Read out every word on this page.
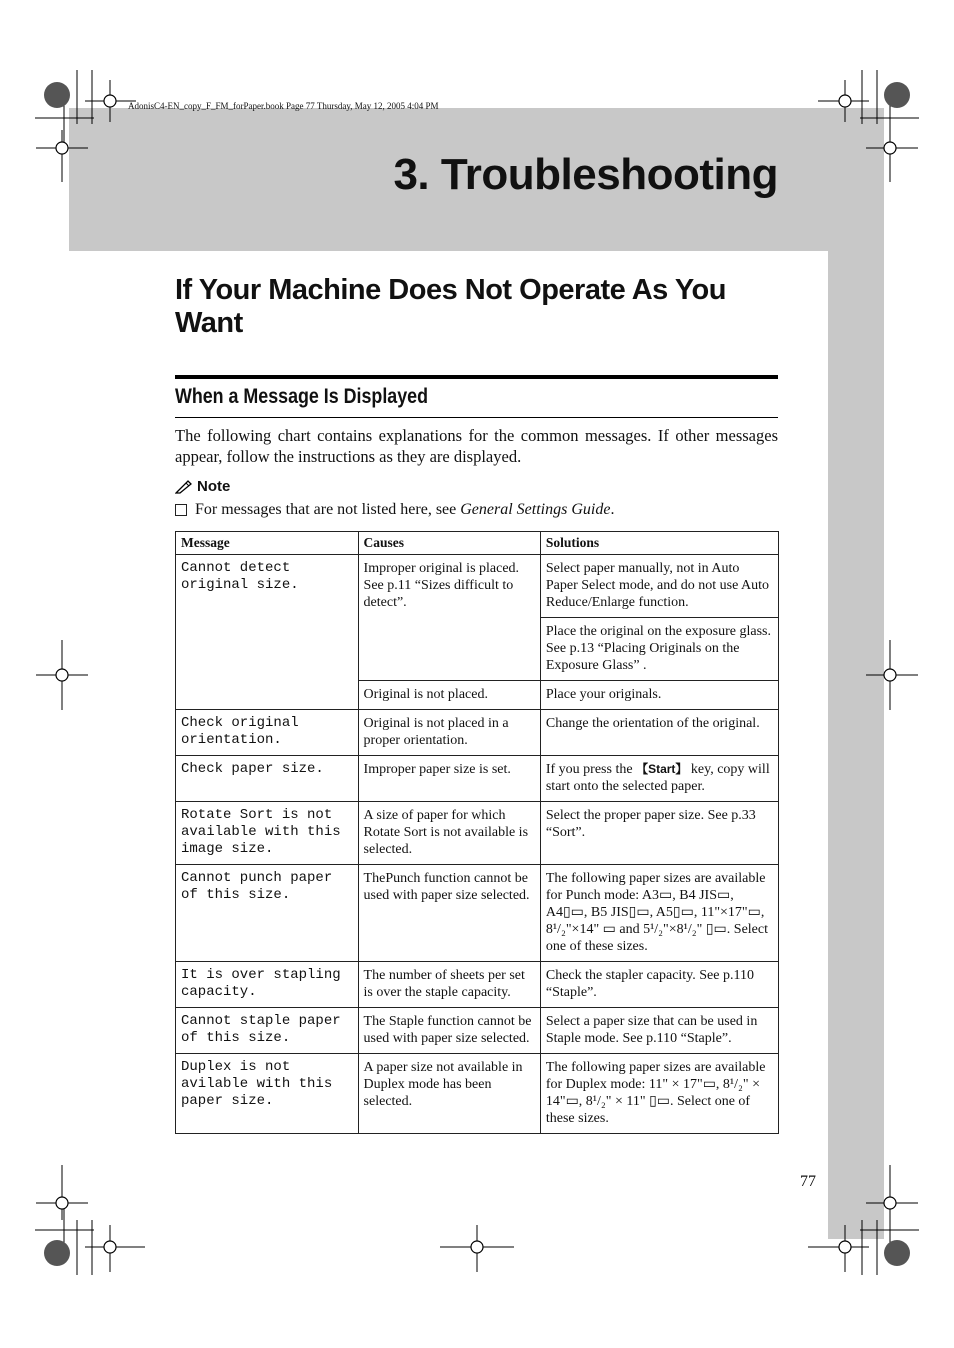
AdonisC4-EN_copy_F_FM_forPaper.book Page 77 Thursday, May 12, 2005 4:04 PM
3. Troubleshooting
If Your Machine Does Not Operate As You Want
When a Message Is Displayed
The following chart contains explanations for the common messages. If other messages appear, follow the instructions as they are displayed.
Note
For messages that are not listed here, see General Settings Guide.
Message	Causes	Solutions
Cannot detect original size.	Improper original is placed. See p.11 “Sizes difficult to detect”.	Select paper manually, not in Auto Paper Select mode, and do not use Auto Reduce/Enlarge function.
		Place the original on the exposure glass. See p.13 “Placing Originals on the Exposure Glass” .
	Original is not placed.	Place your originals.
Check original orientation.	Original is not placed in a proper orientation.	Change the orientation of the original.
Check paper size.	Improper paper size is set.	If you press the 【Start】 key, copy will start onto the selected paper.
Rotate Sort is not available with this image size.	A size of paper for which Rotate Sort is not available is selected.	Select the proper paper size. See p.33 “Sort”.
Cannot punch paper of this size.	ThePunch function cannot be used with paper size selected.	The following paper sizes are available for Punch mode: A3▭, B4 JIS▭, A4▯▭, B5 JIS▯▭, A5▯▭, 11"×17"▭, 8¹/₂"×14" ▭ and 5¹/₂"×8¹/₂" ▯▭. Select one of these sizes.
It is over stapling capacity.	The number of sheets per set is over the staple capacity.	Check the stapler capacity. See p.110 “Staple”.
Cannot staple paper of this size.	The Staple function cannot be used with paper size selected.	Select a paper size that can be used in Staple mode. See p.110 “Staple”.
Duplex is not avilable with this paper size.	A paper size not available in Duplex mode has been selected.	The following paper sizes are available for Duplex mode: 11" × 17"▭, 8¹/₂" × 14"▭, 8¹/₂" × 11" ▯▭. Select one of these sizes.
77
